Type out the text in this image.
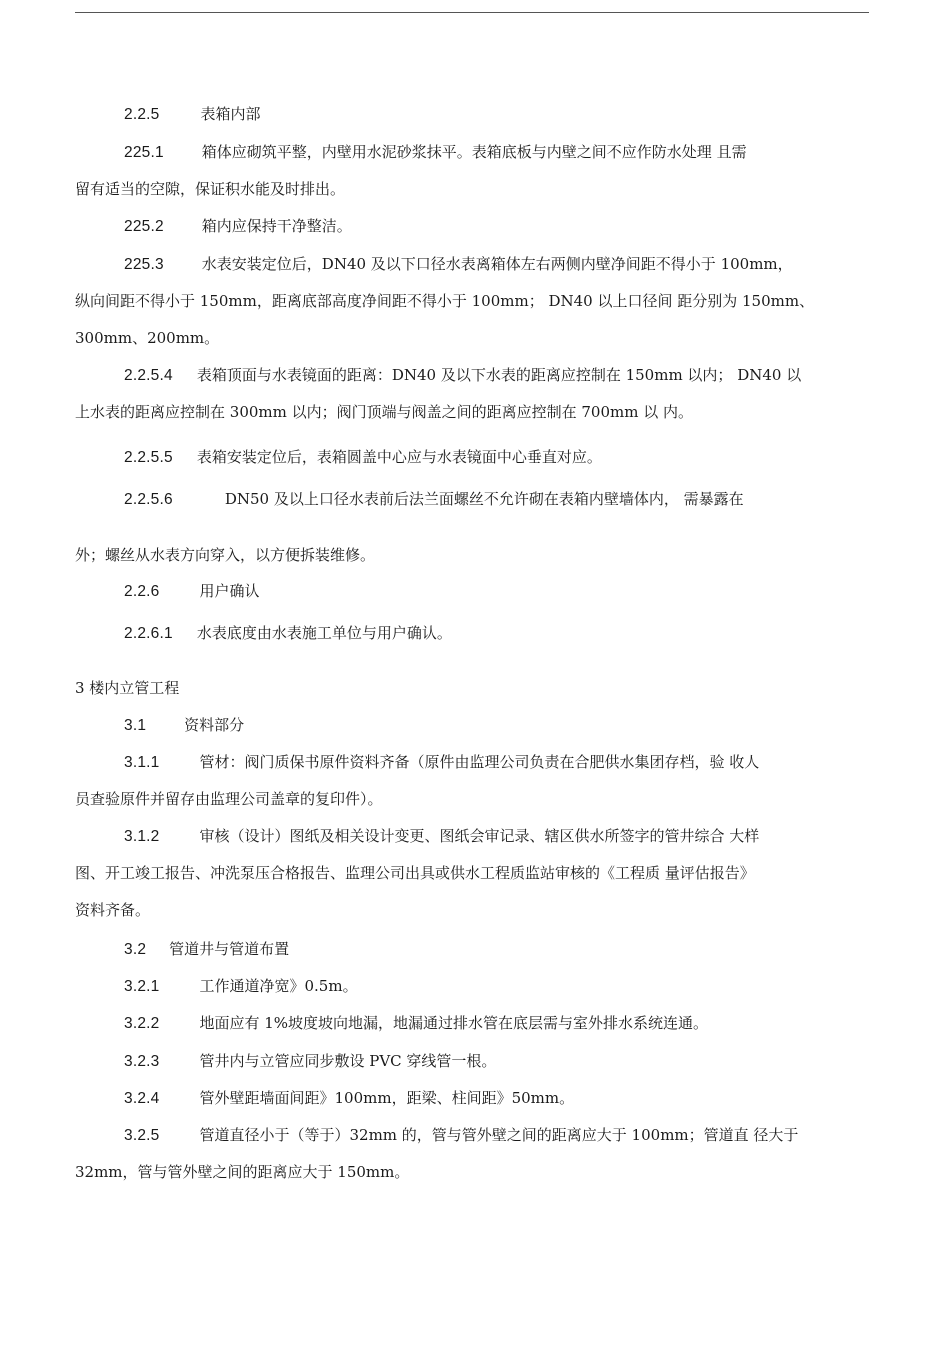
2.2.5	表箱内部
225.1	箱体应砌筑平整，内壁用水泥砂浆抹平。表箱底板与内壁之间不应作防水处理 且需
留有适当的空隙，保证积水能及时排出。
225.2	箱内应保持干净整洁。
225.3	水表安装定位后，DN40 及以下口径水表离箱体左右两侧内壁净间距不得小于 100mm，
纵向间距不得小于 150mm，距离底部高度净间距不得小于 100mm； DN40 以上口径间 距分别为 150mm、
300mm、200mm。
2.2.5.4 表箱顶面与水表镜面的距离：DN40 及以下水表的距离应控制在 150mm 以内； DN40 以
上水表的距离应控制在 300mm 以内；阀门顶端与阀盖之间的距离应控制在 700mm 以 内。
2.2.5.5 表箱安装定位后，表箱圆盖中心应与水表镜面中心垂直对应。
2.2.5.6	DN50 及以上口径水表前后法兰面螺丝不允许砌在表箱内壁墙体内， 需暴露在
外；螺丝从水表方向穿入，以方便拆装维修。
2.2.6	用户确认
2.2.6.1 水表底度由水表施工单位与用户确认。
3 楼内立管工程
3.1	资料部分
3.1.1	管材：阀门质保书原件资料齐备（原件由监理公司负责在合肥供水集团存档，验 收人
员查验原件并留存由监理公司盖章的复印件）。
3.1.2	审核（设计）图纸及相关设计变更、图纸会审记录、辖区供水所签字的管井综合 大样
图、开工竣工报告、冲洗泵压合格报告、监理公司出具或供水工程质监站审核的《工程质 量评估报告》
资料齐备。
3.2 管道井与管道布置
3.2.1	工作通道净宽》0.5m。
3.2.2	地面应有 1%坡度坡向地漏，地漏通过排水管在底层需与室外排水系统连通。
3.2.3	管井内与立管应同步敷设 PVC 穿线管一根。
3.2.4	管外壁距墙面间距》100mm，距梁、柱间距》50mm。
3.2.5	管道直径小于（等于）32mm 的，管与管外壁之间的距离应大于 100mm；管道直 径大于
32mm，管与管外壁之间的距离应大于 150mm。
